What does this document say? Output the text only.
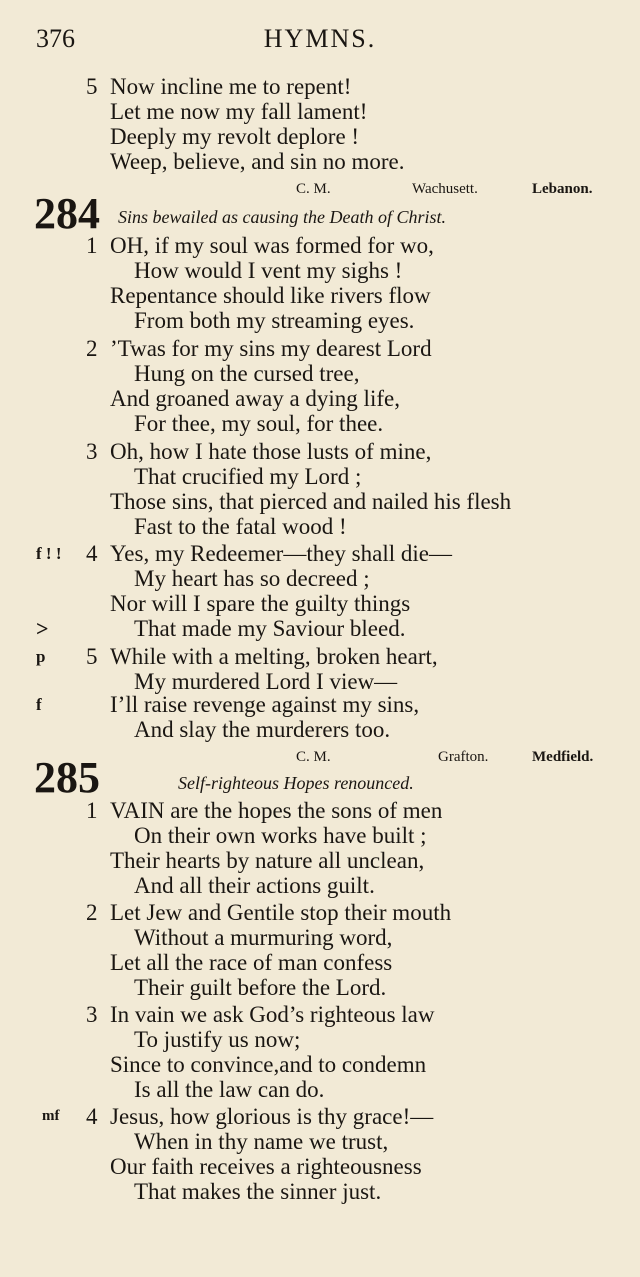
376	HYMNS.
5 Now incline me to repent!
Let me now my fall lament!
Deeply my revolt deplore !
Weep, believe, and sin no more.
C. M.	Wachusett.	Lebanon.
284 Sins bewailed as causing the Death of Christ.
1 OH, if my soul was formed for wo,
How would I vent my sighs !
Repentance should like rivers flow
From both my streaming eyes.
2 ’Twas for my sins my dearest Lord
Hung on the cursed tree,
And groaned away a dying life,
For thee, my soul, for thee.
3 Oh, how I hate those lusts of mine,
That crucified my Lord ;
Those sins, that pierced and nailed his flesh
Fast to the fatal wood !
f ! ! 4 Yes, my Redeemer—they shall die—
My heart has so decreed ;
Nor will I spare the guilty things
>	That made my Saviour bleed.
p 5 While with a melting, broken heart,
My murdered Lord I view—
f	I’ll raise revenge against my sins,
And slay the murderers too.
C. M.	Grafton.	Medfield.
285	Self-righteous Hopes renounced.
1 VAIN are the hopes the sons of men
On their own works have built ;
Their hearts by nature all unclean,
And all their actions guilt.
2 Let Jew and Gentile stop their mouth
Without a murmuring word,
Let all the race of man confess
Their guilt before the Lord.
3 In vain we ask God’s righteous law
To justify us now;
Since to convince,and to condemn
Is all the law can do.
mf 4 Jesus, how glorious is thy grace!—
When in thy name we trust,
Our faith receives a righteousness
That makes the sinner just.
